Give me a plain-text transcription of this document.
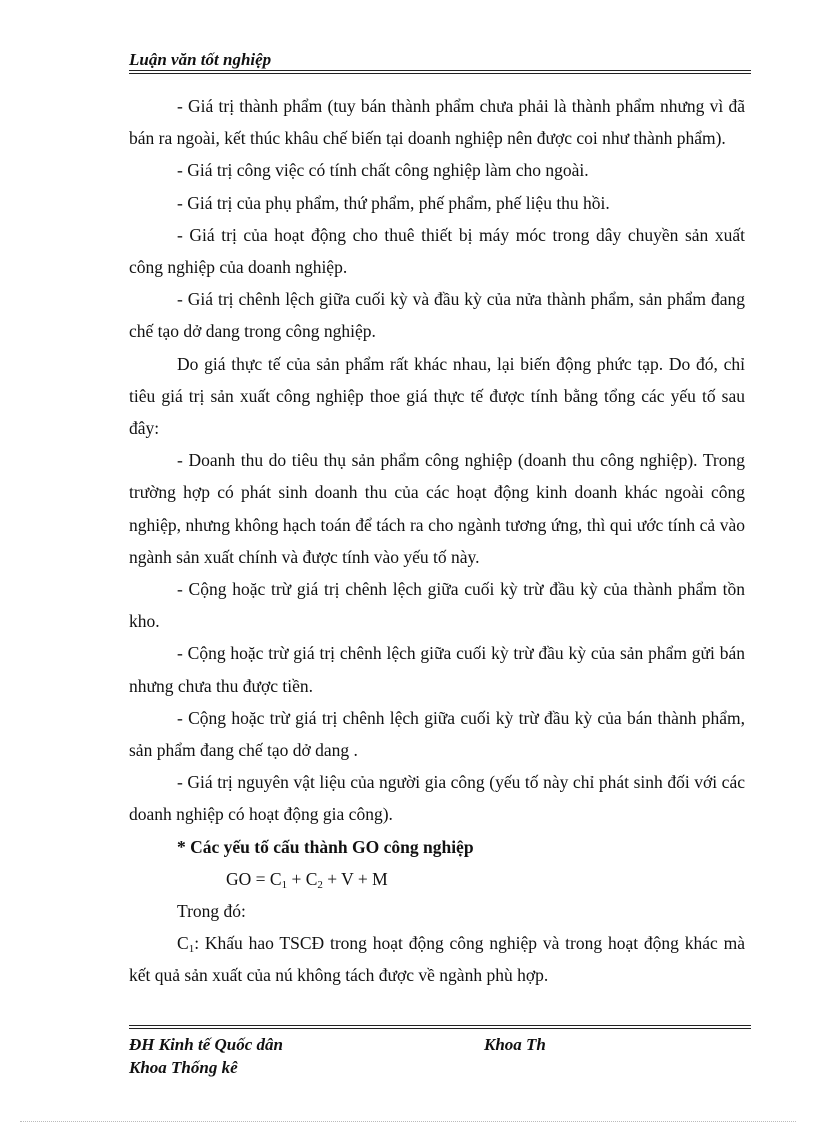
Luận văn tốt nghiệp

- Giá trị thành phẩm (tuy bán thành phẩm chưa phải là thành phẩm nhưng vì đã bán ra ngoài, kết thúc khâu chế biến tại doanh nghiệp nên được coi như thành phẩm).

- Giá trị công việc có tính chất công nghiệp làm cho ngoài.

- Giá trị của phụ phẩm, thứ phẩm, phế phẩm, phế liệu thu hồi.

- Giá trị của hoạt động cho thuê thiết bị máy móc trong dây chuyền sản xuất công nghiệp của doanh nghiệp.

- Giá trị chênh lệch giữa cuối kỳ và đầu kỳ của nửa thành phẩm, sản phẩm đang chế tạo dở dang trong công nghiệp.

Do giá thực tế của sản phẩm rất khác nhau, lại biến động phức tạp. Do đó, chỉ tiêu giá trị sản xuất công nghiệp thoe giá thực tế được tính bằng tổng các yếu tố sau đây:

- Doanh thu do tiêu thụ sản phẩm công nghiệp (doanh thu công nghiệp). Trong trường hợp có phát sinh doanh thu của các hoạt động kinh doanh khác ngoài công nghiệp, nhưng không hạch toán để tách ra cho ngành tương ứng, thì qui ước tính cả vào ngành sản xuất chính và được tính vào yếu tố này.

- Cộng hoặc trừ giá trị chênh lệch giữa cuối kỳ trừ đầu kỳ của thành phẩm tồn kho.

- Cộng hoặc trừ giá trị chênh lệch giữa cuối kỳ trừ đầu kỳ của sản phẩm gửi bán nhưng chưa thu được tiền.

- Cộng hoặc trừ giá trị chênh lệch giữa cuối kỳ trừ đầu kỳ của bán thành phẩm, sản phẩm đang chế tạo dở dang .

- Giá trị nguyên vật liệu của người gia công (yếu tố này chỉ phát sinh đối với các doanh nghiệp có hoạt động gia công).

* Các yếu tố cấu thành GO công nghiệp

GO = $C_1 + C_2 + V + M$

Trong đó:

$C_1$: Khấu hao TSCĐ trong hoạt động công nghiệp và trong hoạt động khác mà kết quả sản xuất của nú không tách được về ngành phù hợp.

ĐH Kinh tế Quốc dân
Khoa Thống kê
Khoa Th
